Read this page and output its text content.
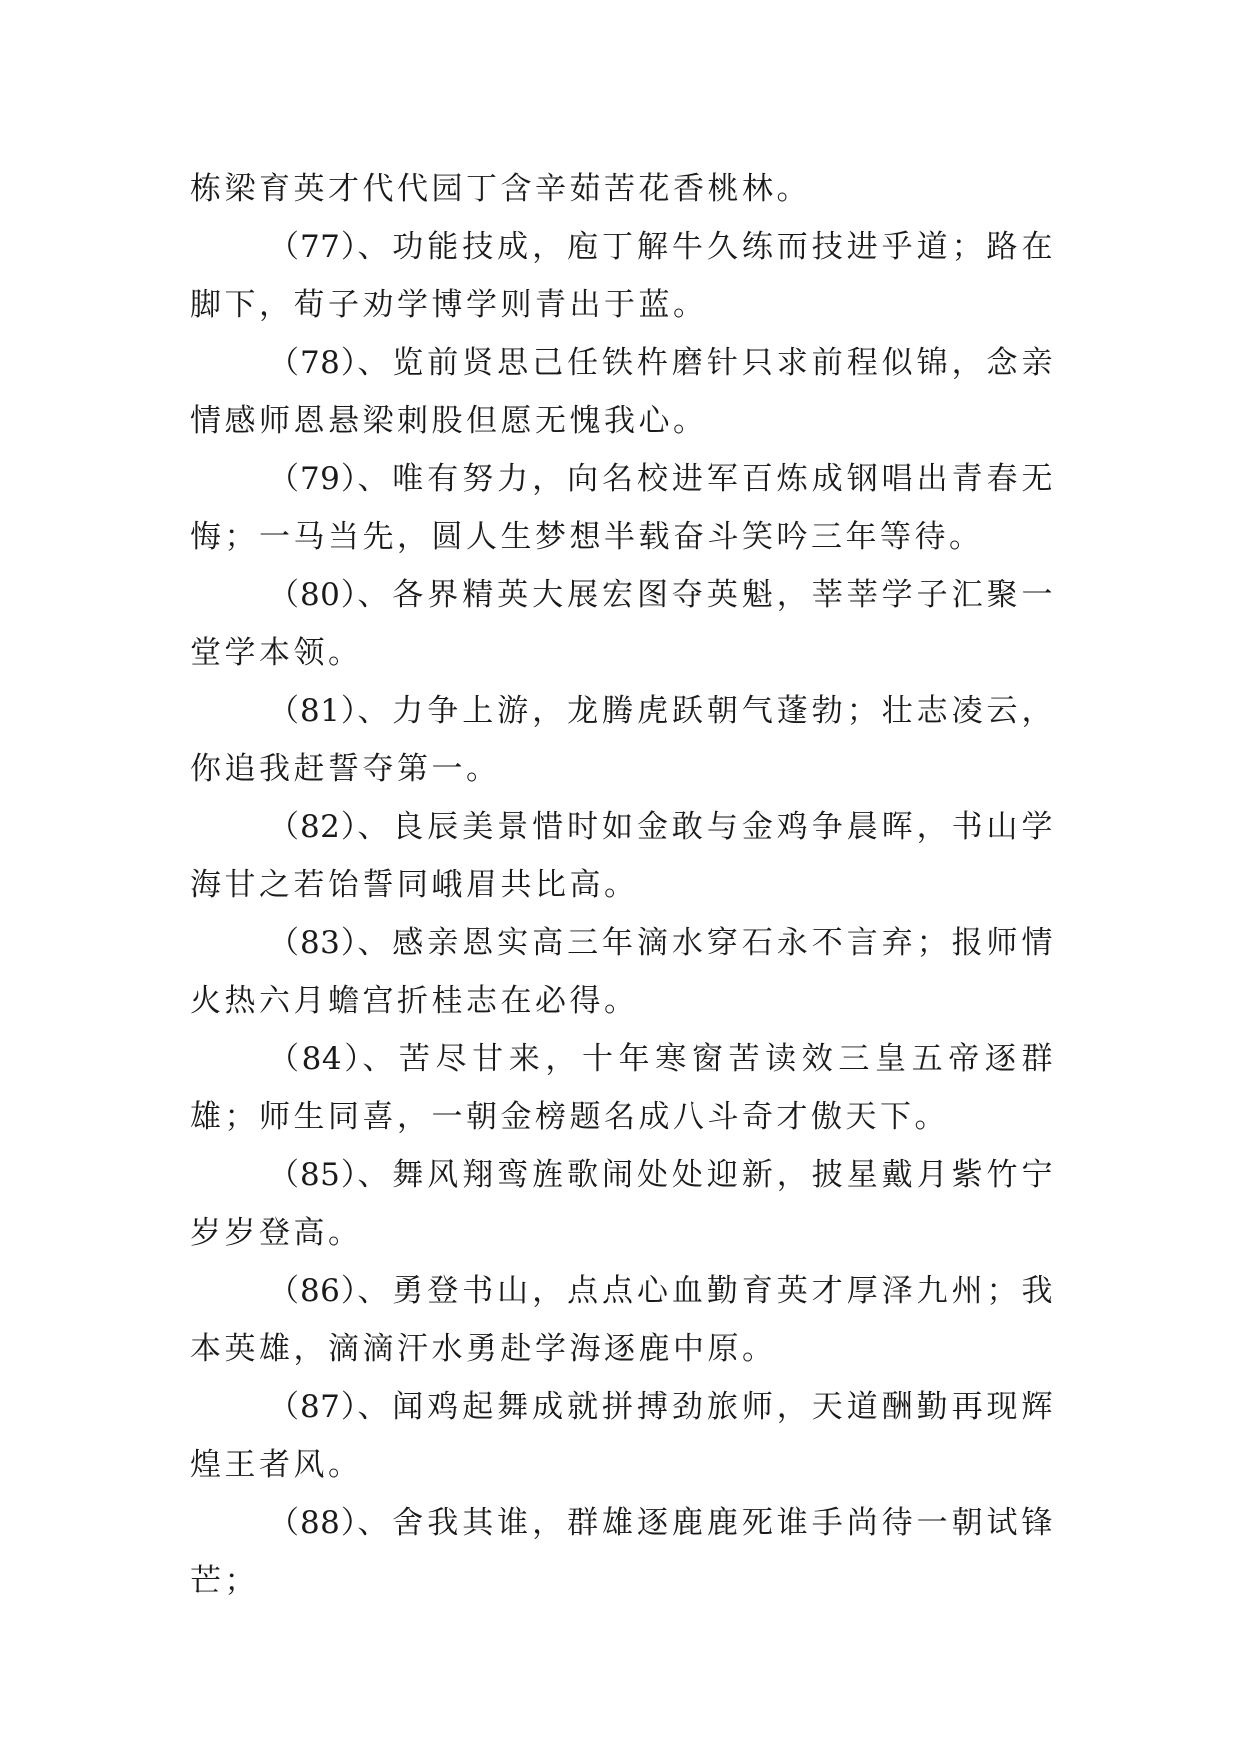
栋梁育英才代代园丁含辛茹苦花香桃林。

（77）、功能技成，庖丁解牛久练而技进乎道；路在脚下，荀子劝学博学则青出于蓝。

（78）、览前贤思己任铁杵磨针只求前程似锦，念亲情感师恩悬梁刺股但愿无愧我心。

（79）、唯有努力，向名校进军百炼成钢唱出青春无悔；一马当先，圆人生梦想半载奋斗笑吟三年等待。

（80）、各界精英大展宏图夺英魁，莘莘学子汇聚一堂学本领。

（81）、力争上游，龙腾虎跃朝气蓬勃；壮志凌云，你追我赶誓夺第一。

（82）、良辰美景惜时如金敢与金鸡争晨晖，书山学海甘之若饴誓同峨眉共比高。

（83）、感亲恩实高三年滴水穿石永不言弃；报师情火热六月蟾宫折桂志在必得。

（84）、苦尽甘来，十年寒窗苦读效三皇五帝逐群雄；师生同喜，一朝金榜题名成八斗奇才傲天下。

（85）、舞风翔鸾旌歌闹处处迎新，披星戴月紫竹宁岁岁登高。

（86）、勇登书山，点点心血勤育英才厚泽九州；我本英雄，滴滴汗水勇赴学海逐鹿中原。

（87）、闻鸡起舞成就拼搏劲旅师，天道酬勤再现辉煌王者风。

（88）、舍我其谁，群雄逐鹿鹿死谁手尚待一朝试锋芒；
